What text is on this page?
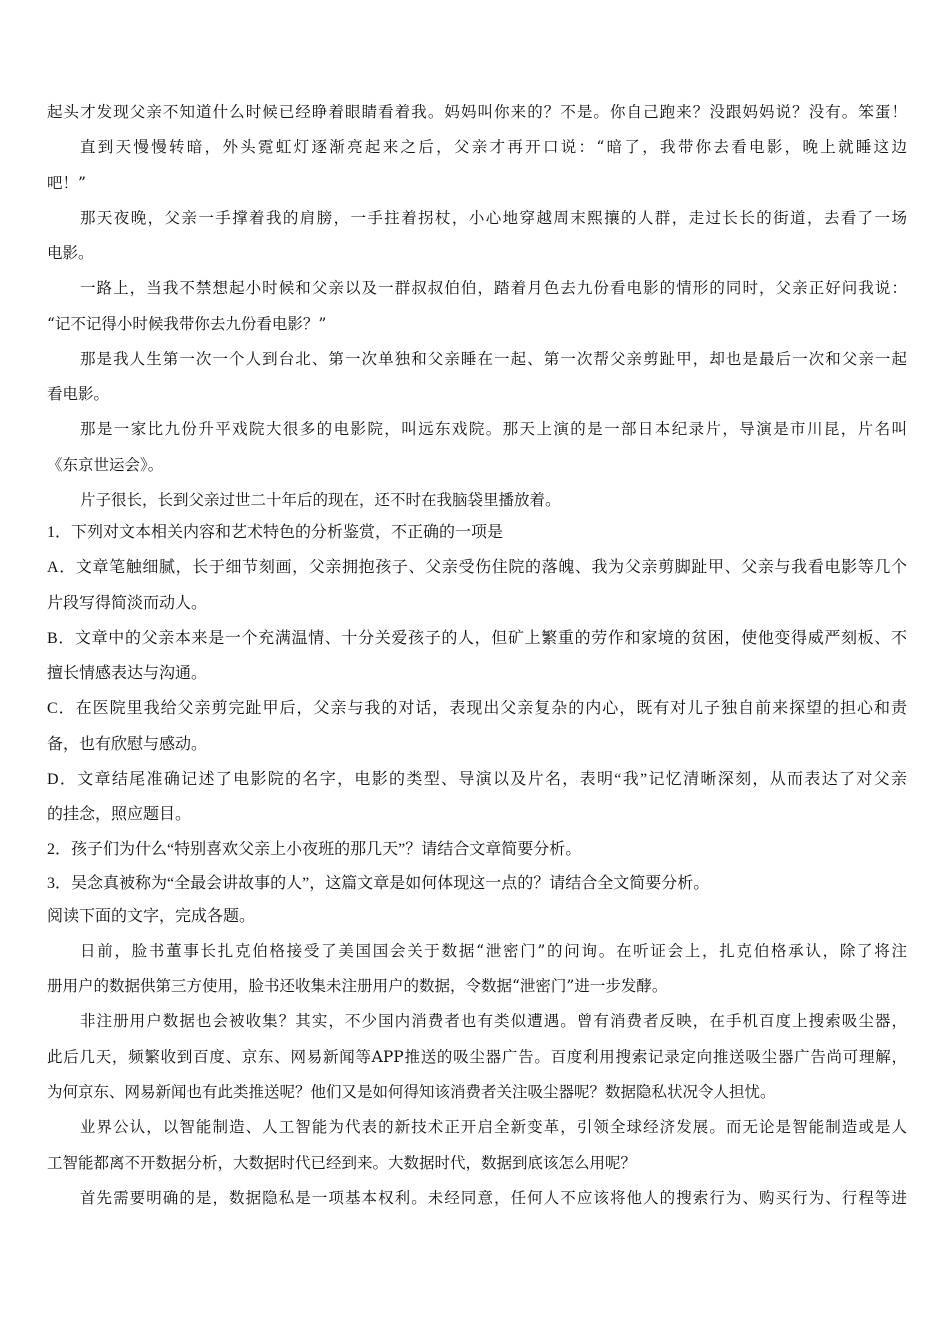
起头才发现父亲不知道什么时候已经睁着眼睛看着我。妈妈叫你来的？不是。你自己跑来？没跟妈妈说？没有。笨蛋！
直到天慢慢转暗，外头霓虹灯逐渐亮起来之后，父亲才再开口说：“暗了，我带你去看电影，晚上就睡这边
吧！”
那天夜晚，父亲一手撑着我的肩膀，一手拄着拐杖，小心地穿越周末熙攘的人群，走过长长的街道，去看了一场
电影。
一路上，当我不禁想起小时候和父亲以及一群叔叔伯伯，踏着月色去九份看电影的情形的同时，父亲正好问我说：
“记不记得小时候我带你去九份看电影？”
那是我人生第一次一个人到台北、第一次单独和父亲睡在一起、第一次帮父亲剪趾甲，却也是最后一次和父亲一起
看电影。
那是一家比九份升平戏院大很多的电影院，叫远东戏院。那天上演的是一部日本纪录片，导演是市川昆，片名叫
《东京世运会》。
片子很长，长到父亲过世二十年后的现在，还不时在我脑袋里播放着。
1．下列对文本相关内容和艺术特色的分析鉴赏，不正确的一项是
A．文章笔触细腻，长于细节刻画，父亲拥抱孩子、父亲受伤住院的落魄、我为父亲剪脚趾甲、父亲与我看电影等几个
片段写得简淡而动人。
B．文章中的父亲本来是一个充满温情、十分关爱孩子的人，但矿上繁重的劳作和家境的贫困，使他变得威严刻板、不
擅长情感表达与沟通。
C．在医院里我给父亲剪完趾甲后，父亲与我的对话，表现出父亲复杂的内心，既有对儿子独自前来探望的担心和责
备，也有欣慰与感动。
D．文章结尾准确记述了电影院的名字，电影的类型、导演以及片名，表明“我”记忆清晰深刻，从而表达了对父亲
的挂念，照应题目。
2．孩子们为什么“特别喜欢父亲上小夜班的那几天”？请结合文章简要分析。
3．吴念真被称为“全最会讲故事的人”，这篇文章是如何体现这一点的？请结合全文简要分析。
阅读下面的文字，完成各题。
日前，脸书董事长扎克伯格接受了美国国会关于数据“泄密门”的问询。在听证会上，扎克伯格承认，除了将注
册用户的数据供第三方使用，脸书还收集未注册用户的数据，令数据“泄密门”进一步发酵。
非注册用户数据也会被收集？其实，不少国内消费者也有类似遭遇。曾有消费者反映，在手机百度上搜索吸尘器，
此后几天，频繁收到百度、京东、网易新闻等APP推送的吸尘器广告。百度利用搜索记录定向推送吸尘器广告尚可理解，
为何京东、网易新闻也有此类推送呢？他们又是如何得知该消费者关注吸尘器呢？数据隐私状况令人担忧。
业界公认，以智能制造、人工智能为代表的新技术正开启全新变革，引领全球经济发展。而无论是智能制造或是人
工智能都离不开数据分析，大数据时代已经到来。大数据时代，数据到底该怎么用呢？
首先需要明确的是，数据隐私是一项基本权利。未经同意，任何人不应该将他人的搜索行为、购买行为、行程等进
